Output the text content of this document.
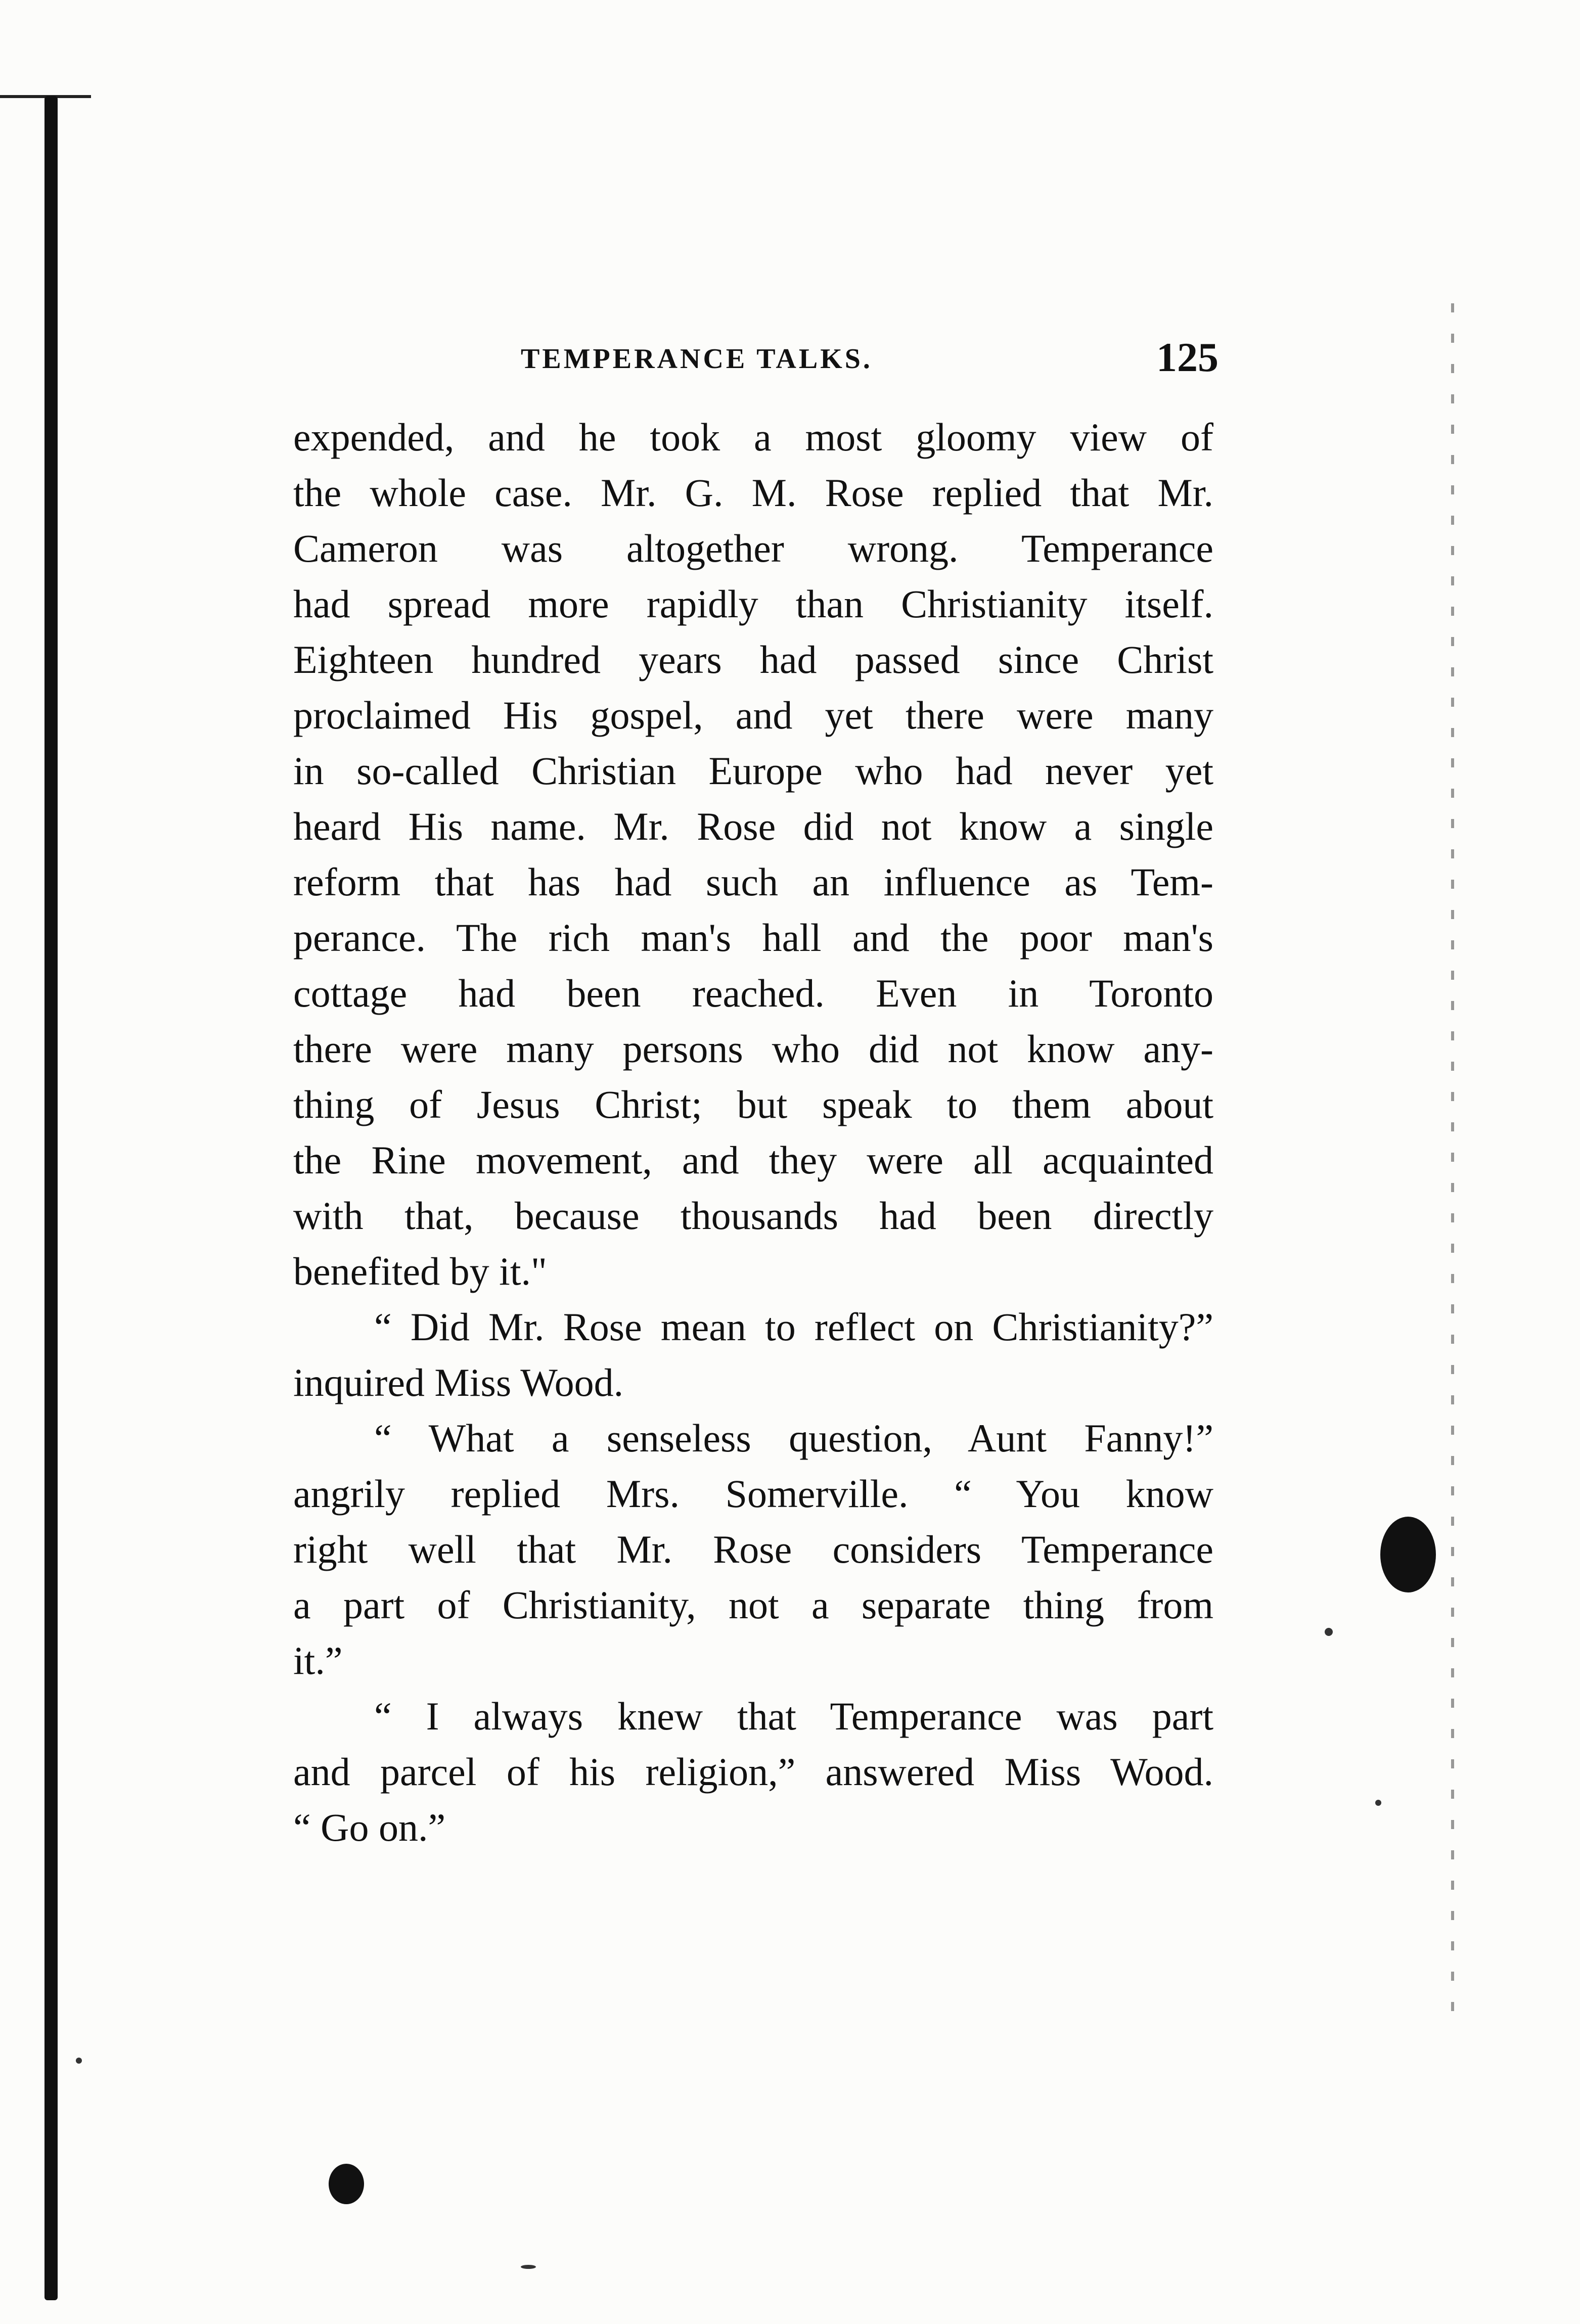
TEMPERANCE TALKS.	125

expended, and he took a most gloomy view of
the whole case. Mr. G. M. Rose replied that Mr.
Cameron was altogether wrong. Temperance
had spread more rapidly than Christianity itself.
Eighteen hundred years had passed since Christ
proclaimed His gospel, and yet there were many
in so-called Christian Europe who had never yet
heard His name. Mr. Rose did not know a single
reform that has had such an influence as Tem-
perance. The rich man's hall and the poor man's
cottage had been reached. Even in Toronto
there were many persons who did not know any-
thing of Jesus Christ; but speak to them about
the Rine movement, and they were all acquainted
with that, because thousands had been directly
benefited by it."

“ Did Mr. Rose mean to reflect on Christianity?”
inquired Miss Wood.

“ What a senseless question, Aunt Fanny!”
angrily replied Mrs. Somerville. “ You know
right well that Mr. Rose considers Temperance
a part of Christianity, not a separate thing from
it.”

“ I always knew that Temperance was part
and parcel of his religion,” answered Miss Wood.
“ Go on.”
